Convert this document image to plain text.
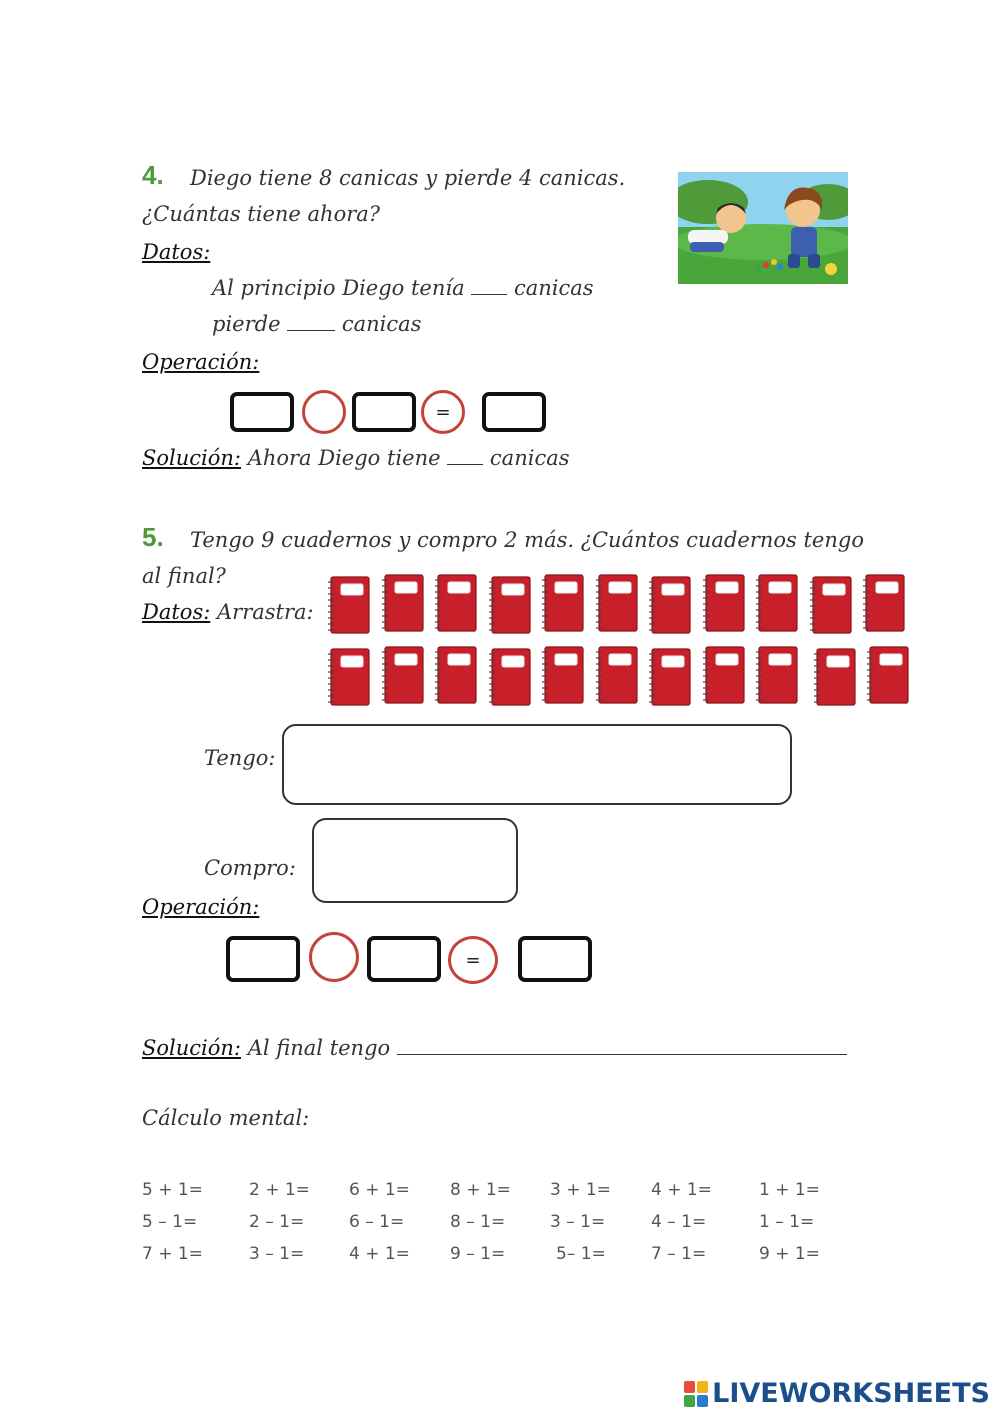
4. Diego tiene 8 canicas y pierde 4 canicas.
¿Cuántas tiene ahora?
Datos:
Al principio Diego tenía canicas
pierde	canicas
Operación:
=
Solución: Ahora Diego tiene canicas
5. Tengo 9 cuadernos y compro 2 más. ¿Cuántos cuadernos tengo
al final?
Datos: Arrastra:
Tengo:
Compro:
Operación:
=
Solución: Al final tengo
Cálculo mental:
5 + 1=	2 + 1= 6 + 1= 8 + 1= 3 + 1= 4 + 1=	1 + 1=
5 – 1=	2 – 1=	6 – 1=	8 – 1=	3 – 1=	4 – 1=	1 – 1=
7 + 1=	3 – 1=	4 + 1= 9 – 1=	5– 1=	7 – 1=	9 + 1=
LIVEWORKSHEETS
